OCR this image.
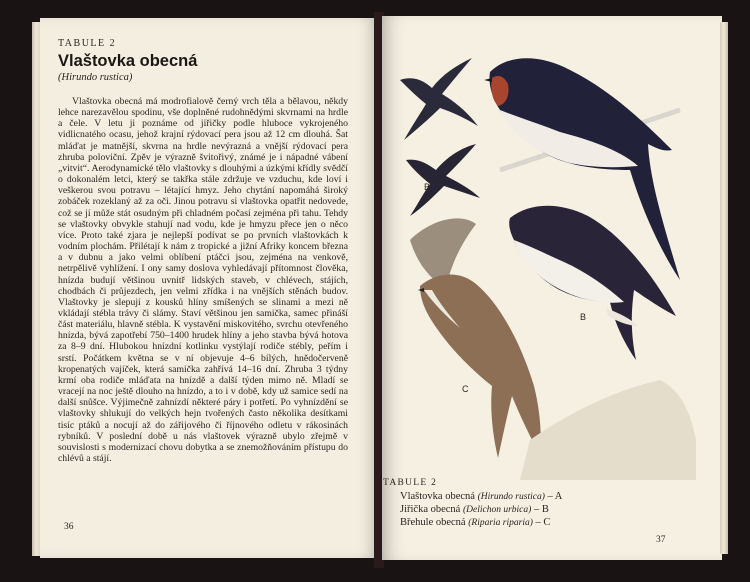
TABULE 2
Vlaštovka obecná
(Hirundo rustica)

Vlaštovka obecná má modrofialově černý vrch těla a bělavou, někdy lehce narezavělou spodinu, vše doplněné rudohnědými skvrnami na hrdle a čele. V letu ji poznáme od jiřičky podle hluboce vykrojeného vidlicnatého ocasu, jehož krajní rýdovací pera jsou až 12 cm dlouhá. Šat mláďat je matnější, skvrna na hrdle nevýrazná a vnější rýdovací pera zhruba poloviční. Zpěv je výrazně švitořivý, známé je i nápadné vábení „vitvit“. Aerodynamické tělo vlaštovky s dlouhými a úzkými křídly svědčí o dokonalém letci, který se takřka stále zdržuje ve vzduchu, kde loví i veškerou svou potravu – létající hmyz. Jeho chytání napomáhá široký zobáček rozeklaný až za oči. Jinou potravu si vlaštovka opatřit nedovede, což se jí může stát osudným při chladném počasí zejména při tahu. Tehdy se vlaštovky obvykle stahují nad vodu, kde je hmyzu přece jen o něco více. Proto také zjara je nejlepší podívat se po prvních vlaštovkách k vodním plochám. Přilétají k nám z tropické a jižní Afriky koncem března a v dubnu a jako velmi oblíbení ptáčci jsou, zejména na venkově, netrpělivě vyhlížení. I ony samy doslova vyhledávají přítomnost člověka, hnízda budují většinou uvnitř lidských staveb, v chlévech, stájích, chodbách či průjezdech, jen velmi zřídka i na vnějších stěnách budov. Vlaštovky je slepují z kousků hlíny smíšených se slinami a mezi ně vkládají stébla trávy či slámy. Staví většinou jen samička, samec přináší část materiálu, hlavně stébla. K vystavění miskovitého, svrchu otevřeného hnízda, bývá zapotřebí 750–1400 hrudek hlíny a jeho stavba bývá hotova za 8–9 dní. Hlubokou hnízdní kotlinku vystýlají rodiče stébly, peřím i srstí. Počátkem května se v ní objevuje 4–6 bílých, hnědočerveně kropenatých vajíček, která samička zahřívá 14–16 dní. Zhruba 3 týdny krmí oba rodiče mláďata na hnízdě a další týden mimo ně. Mladí se vracejí na noc ještě dlouho na hnízdo, a to i v době, kdy už samice sedí na další snůšce. Výjimečně zahnízdí některé páry i potřetí. Po vyhnízdění se vlaštovky shlukují do velkých hejn tvořených často několika desítkami tisíc ptáků a nocují až do zářijového či říjnového odletu v rákosinách rybníků. V poslední době u nás vlaštovek výrazně ubylo zřejmě v souvislosti s modernizací chovu dobytka a se znemožňováním přístupu do chlévů a stájí.

36
A
B
A
B
C
TABULE 2
Vlaštovka obecná (Hirundo rustica) – A
Jiřička obecná (Delichon urbica) – B
Břehule obecná (Riparia riparia) – C
37
